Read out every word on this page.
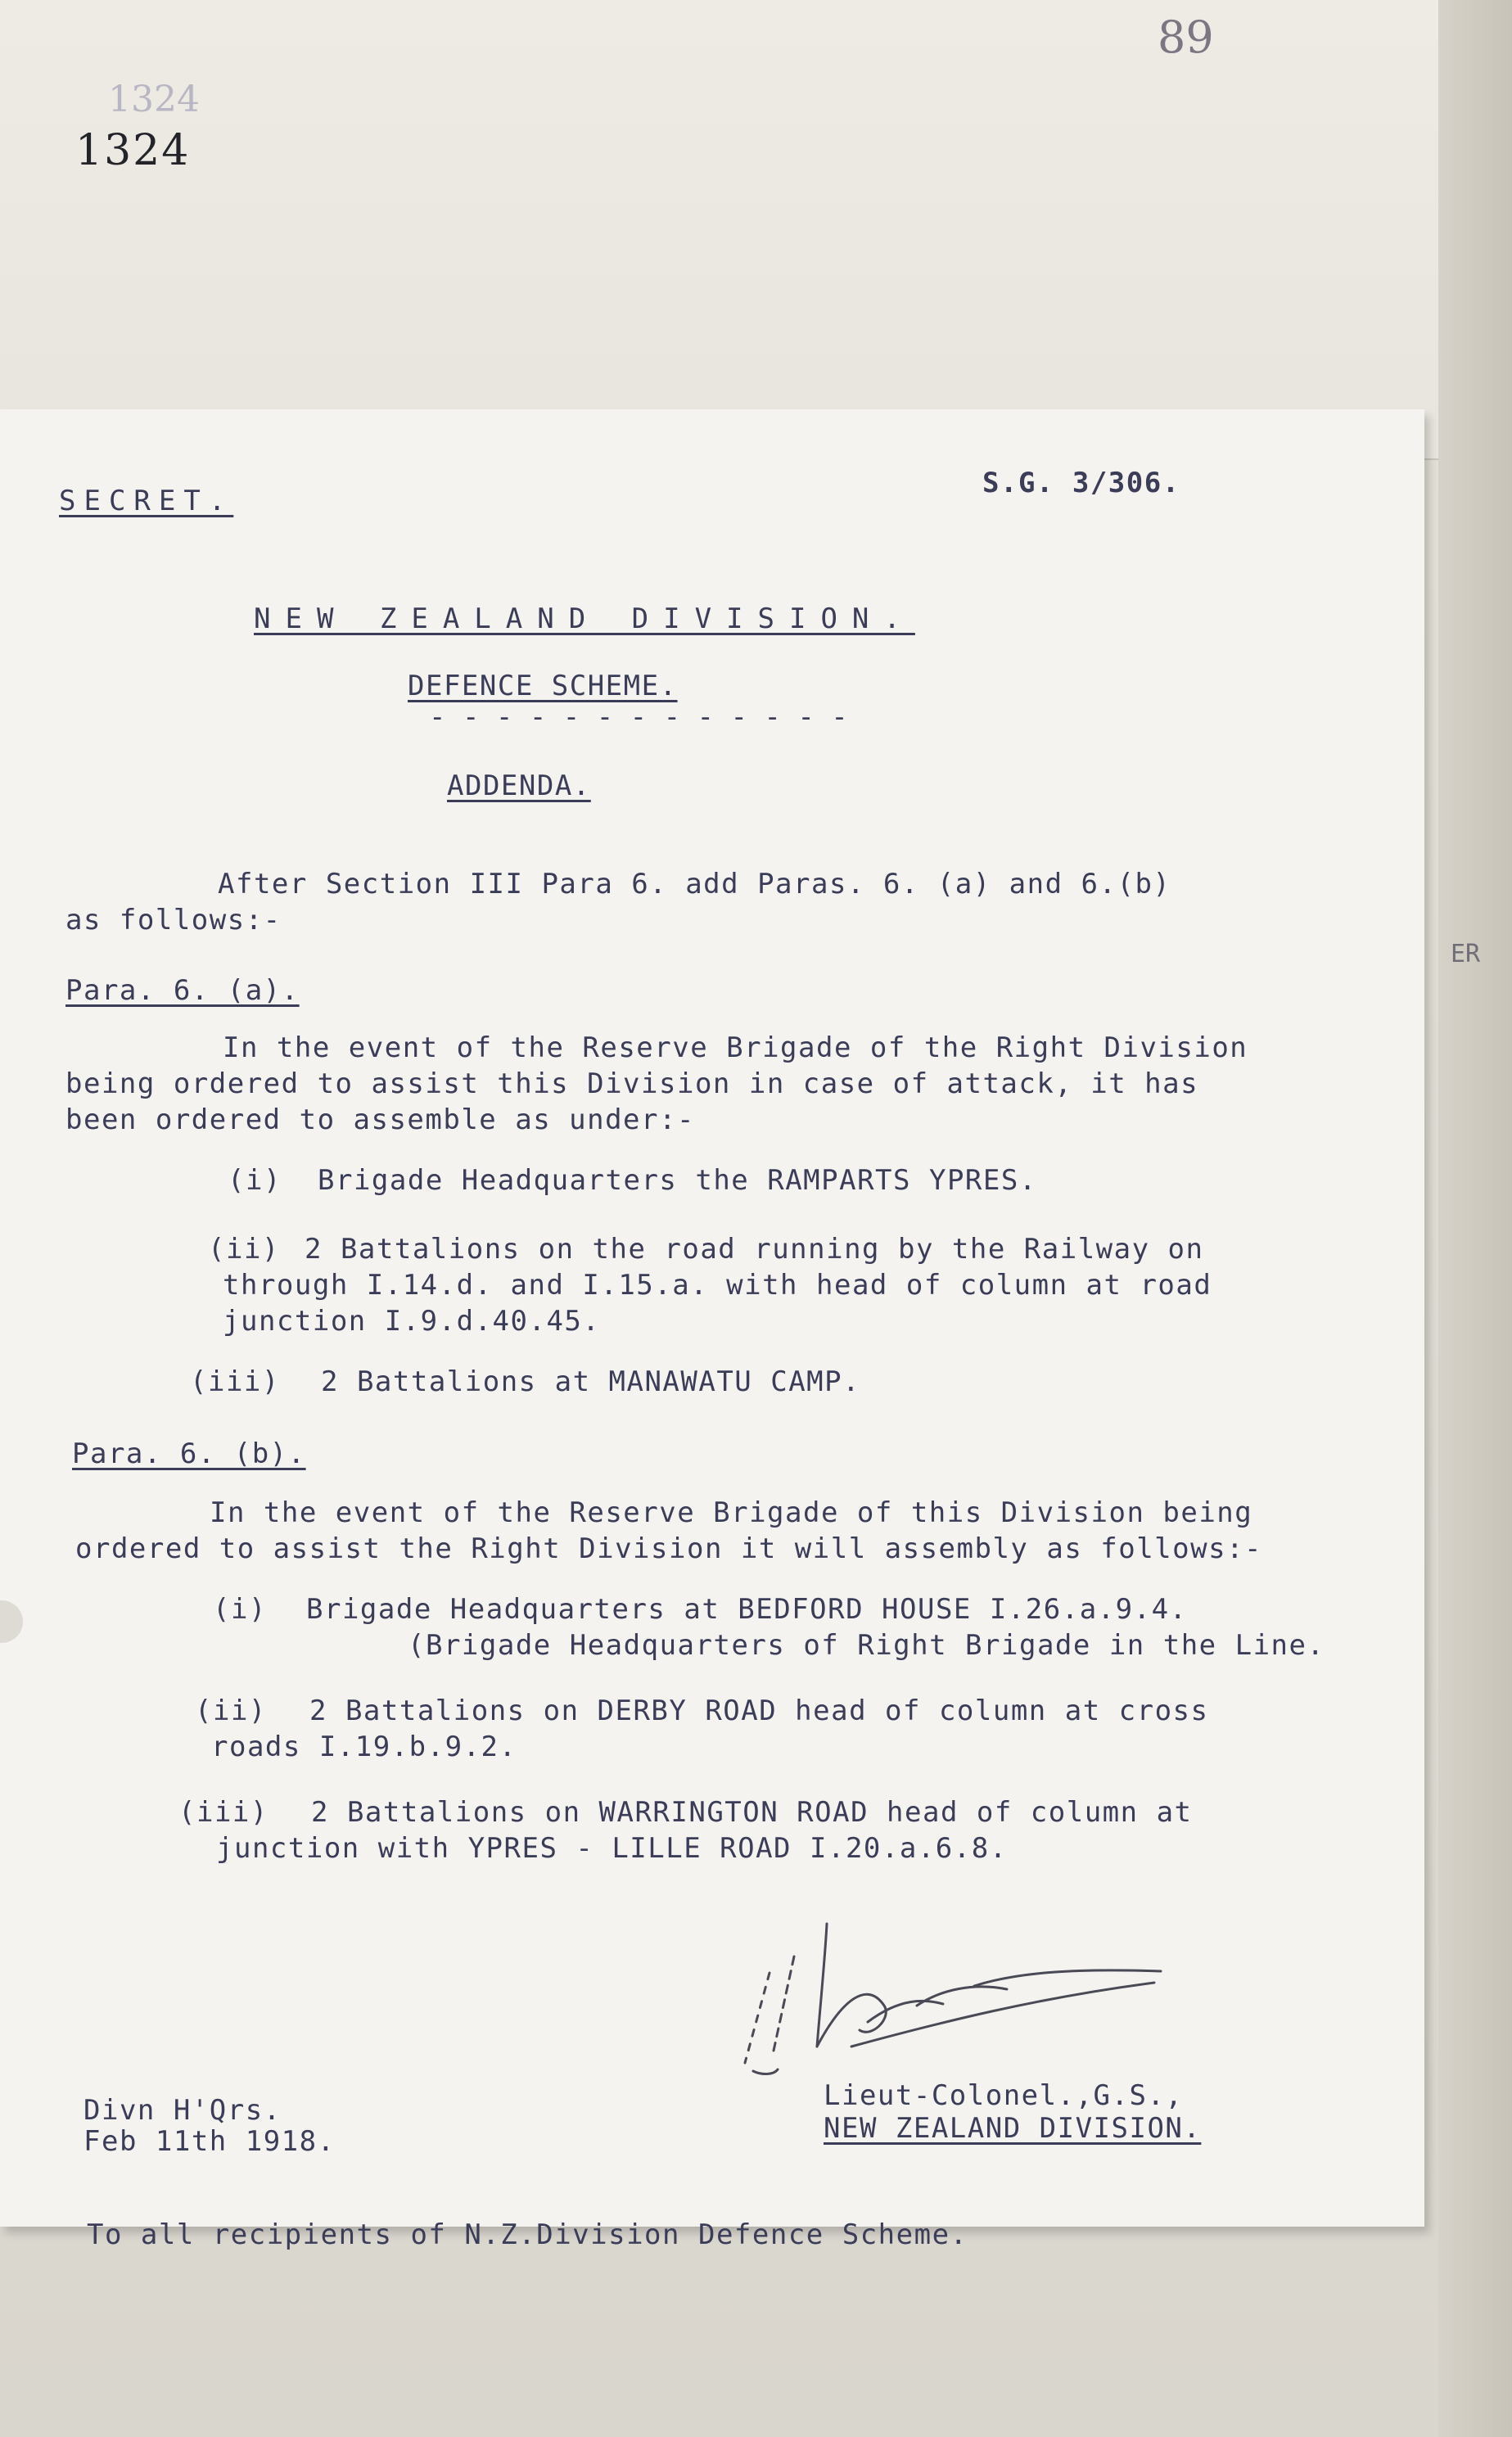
ER
89
1324
1324
SECRET.
S.G. 3/306.
NEW ZEALAND DIVISION.
DEFENCE SCHEME.
- - - - - - - - - - - - -
ADDENDA.
After Section III Para 6. add Paras. 6. (a) and 6.(b)
as follows:-
Para. 6. (a).
In the event of the Reserve Brigade of the Right Division
being ordered to assist this Division in case of attack, it has
been ordered to assemble as under:-
(i) Brigade Headquarters the RAMPARTS YPRES.
(ii) 2 Battalions on the road running by the Railway on
through I.14.d. and I.15.a. with head of column at road
junction I.9.d.40.45.
(iii) 2 Battalions at MANAWATU CAMP.
Para. 6. (b).
In the event of the Reserve Brigade of this Division being
ordered to assist the Right Division it will assembly as follows:-
(i) Brigade Headquarters at BEDFORD HOUSE I.26.a.9.4.
(Brigade Headquarters of Right Brigade in the Line.
(ii) 2 Battalions on DERBY ROAD head of column at cross
roads I.19.b.9.2.
(iii) 2 Battalions on WARRINGTON ROAD head of column at
junction with YPRES - LILLE ROAD I.20.a.6.8.
Divn H'Qrs.
Feb 11th 1918.
Lieut-Colonel.,G.S.,
NEW ZEALAND DIVISION.
To all recipients of N.Z.Division Defence Scheme.
